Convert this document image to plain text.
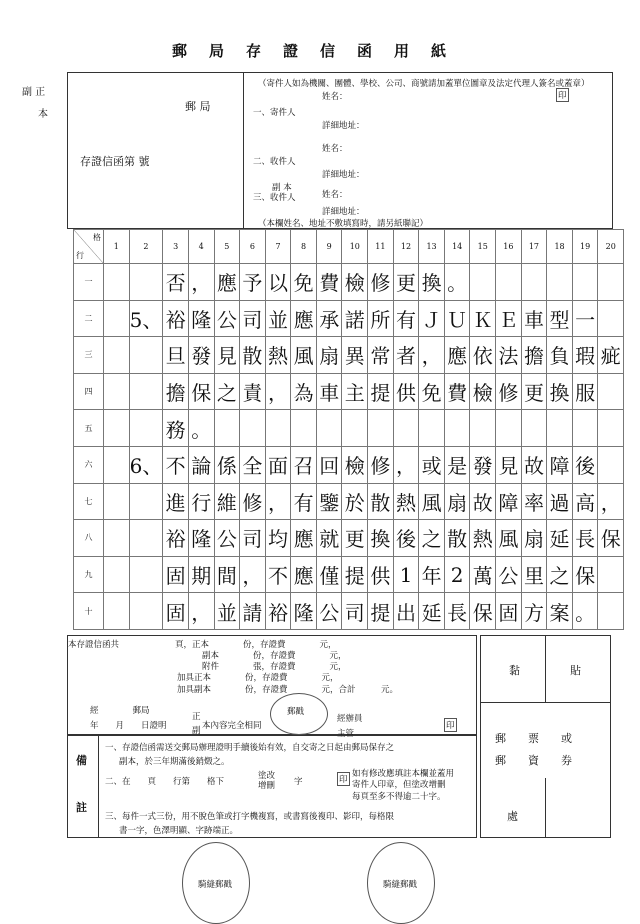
郵局存證信函用紙
副 正
本
郵 局
存證信函第 號
（寄件人如為機關、團體、學校、公司、商號請加蓋單位圖章及法定代理人簽名或蓋章）
姓名：	印
一、寄件人
詳細地址：
姓名：
二、收件人
詳細地址：
副 本
三、收件人	姓名：
詳細地址：
（本欄姓名、地址不敷填寫時，請另紙聯記）
格
行	1	2	3	4	5	6	7	8	9	10	11	12	13	14	15	16	17	18	19	20
一			否	，	應	予	以	免	費	檢	修	更	換	。						
二		5、	裕	隆	公	司	並	應	承	諾	所	有	Ｊ	Ｕ	Ｋ	Ｅ	車	型	一	
三			旦	發	見	散	熱	風	扇	異	常	者	，	應	依	法	擔	負	瑕	疵
四			擔	保	之	責	，	為	車	主	提	供	免	費	檢	修	更	換	服	
五			務	。																
六		6、	不	論	係	全	面	召	回	檢	修	，	或	是	發	見	故	障	後	
七			進	行	維	修	，	有	鑒	於	散	熱	風	扇	故	障	率	過	高	，
八			裕	隆	公	司	均	應	就	更	換	後	之	散	熱	風	扇	延	長	保
九			固	期	間	，	不	應	僅	提	供	1	年	2	萬	公	里	之	保	
十			固	，	並	請	裕	隆	公	司	提	出	延	長	保	固	方	案	。	
本存證信函共	頁，正本　　　　份，存證費　　　　元，
副本　　　　份，存證費　　　　元，
附件　　　　張，存證費　　　　元，
加具正本　　　　份，存證費　　　　元，
加具副本　　　　份，存證費　　　　元，合計　　　元。
經　　　　郵局
正
年　　月　　日證明	副 本內容完全相同
郵戳
經辦員
主管
印
黏	貼
郵　　票　　或
郵　　資　　券
處
備
註
一、存證信函需送交郵局辦理證明手續後始有效，自交寄之日起由郵局保存之
副本，於三年期滿後銷燬之。
二、在　　頁　　行第　　格下
塗改
增刪 字	印
如有修改應填註本欄並蓋用
寄件人印章，但塗改增刪
每頁至多不得逾二十字。
三、每件一式三份，用不脫色筆或打字機複寫，或書寫後複印、影印，每格限
書一字，色澤明顯、字跡端正。
騎縫郵戳	騎縫郵戳
